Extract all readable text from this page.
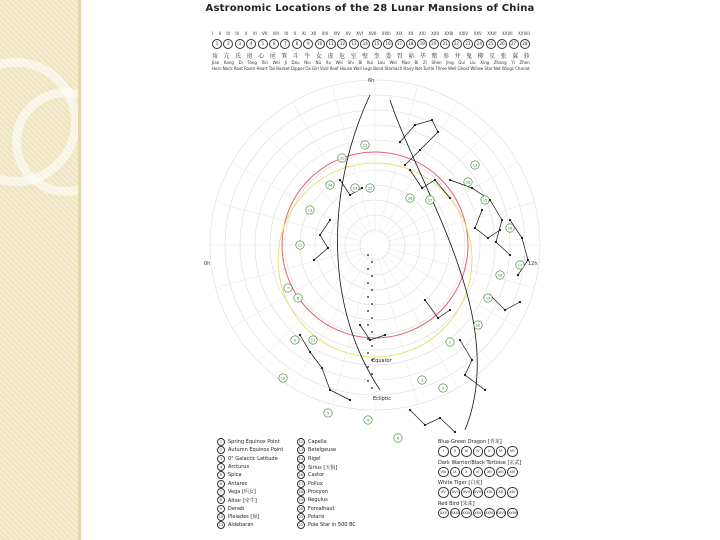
Astronomic Locations of the 28 Lunar Mansions of China
I II III IV V VI VII VIII IX X XI XII XIII XIV XV XVI XVII XVIII XIX XX XXI XXII XXIII XXIV XXV XXVI XXVII XXVIII
1	2	3	4	5	6	7	8	9	10	11	12	13	14	15	16	17	18	19	20	21	22	23	24	25	26	27	28
角 亢 氐 房 心 尾 箕 斗 牛 女 虚 危 室 壁 奎 娄 胃 昴 毕 觜 参 井 鬼 柳 星 张 翼 轸
Jiao Kang Di Fang Xin Wei Ji Dou Niu Nü Xu Wei Shi Bi Kui Lou Wei Mao Bi Zi Shen Jing Gui Liu Xing Zhang Yi Zhen
Horn Neck Root Room Heart Tail Basket Dipper Ox Girl Void Roof House Wall Legs Bond Stomach Hairy Net Turtle Three Well Ghost Willow Star Net Wings Chariot
21
22
23
24
25
26	27
28
14
15
16
17
18
19
20
1
2
3
4
5
6
7
8
9
10
11
12
13
6h
0h	12h
Equator
Ecliptic
1	Spring Equinox Point
2	Autumn Equinox Point
3	0° Galactic Latitude
4	Arcturus
5	Spica
6	Antares
7	Vega [织女]
8	Altair [牵牛]
9	Deneb
10 Pleiades [昴]
11 Aldebaran
12 Capella
13 Betelgeuse
14 Rigel
15 Sirius [天狼]
16 Castor
17 Pollux
18 Procyon
19 Regulus
20 Fomalhaut
21 Polaris
22 Pole Star in 500 BC
Blue-Green Dragon [青龙]
I	II	III	IV	V	VI	VII
Dark Warrior/Black Tortoise [玄武]
VIII	IX	X	XI	XII	XIII	XIV
White Tiger [白虎]
XV	XVI	XVII	XVIII	XIX	XX	XXI
Red Bird [朱雀]
XXII	XXIII XXIV	XXV	XXVI XXVII XXVIII
